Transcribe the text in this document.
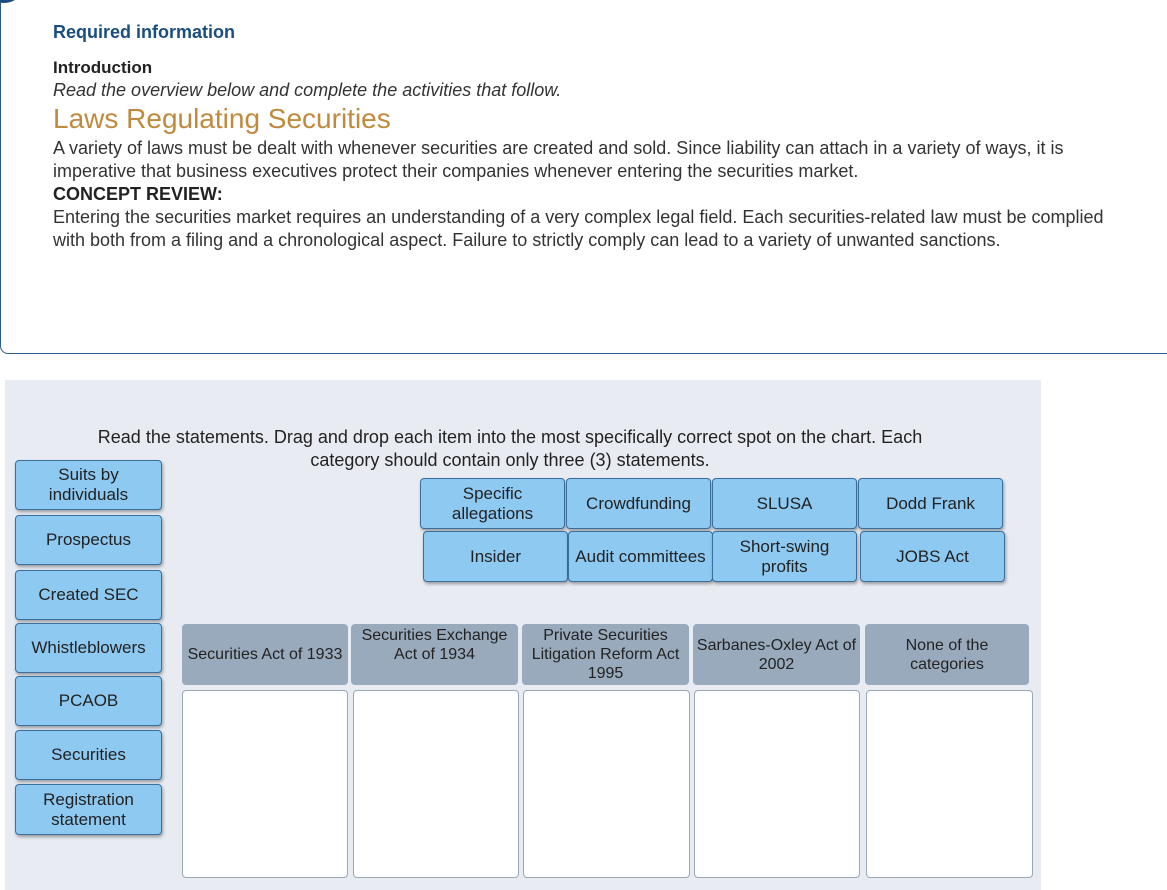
Required information
Introduction
Read the overview below and complete the activities that follow.
Laws Regulating Securities
A variety of laws must be dealt with whenever securities are created and sold. Since liability can attach in a variety of ways, it is imperative that business executives protect their companies whenever entering the securities market.
CONCEPT REVIEW:
Entering the securities market requires an understanding of a very complex legal field. Each securities-related law must be complied with both from a filing and a chronological aspect. Failure to strictly comply can lead to a variety of unwanted sanctions.
Read the statements. Drag and drop each item into the most specifically correct spot on the chart. Each category should contain only three (3) statements.
Suits by individuals
Prospectus
Created SEC
Whistleblowers
PCAOB
Securities
Registration statement
Specific allegations
Crowdfunding	SLUSA	Dodd Frank
Insider	Audit committees
Short-swing profits
JOBS Act
Securities Act of 1933
Securities Exchange Act of 1934
Private Securities Litigation Reform Act 1995
Sarbanes-Oxley Act of 2002
None of the categories
